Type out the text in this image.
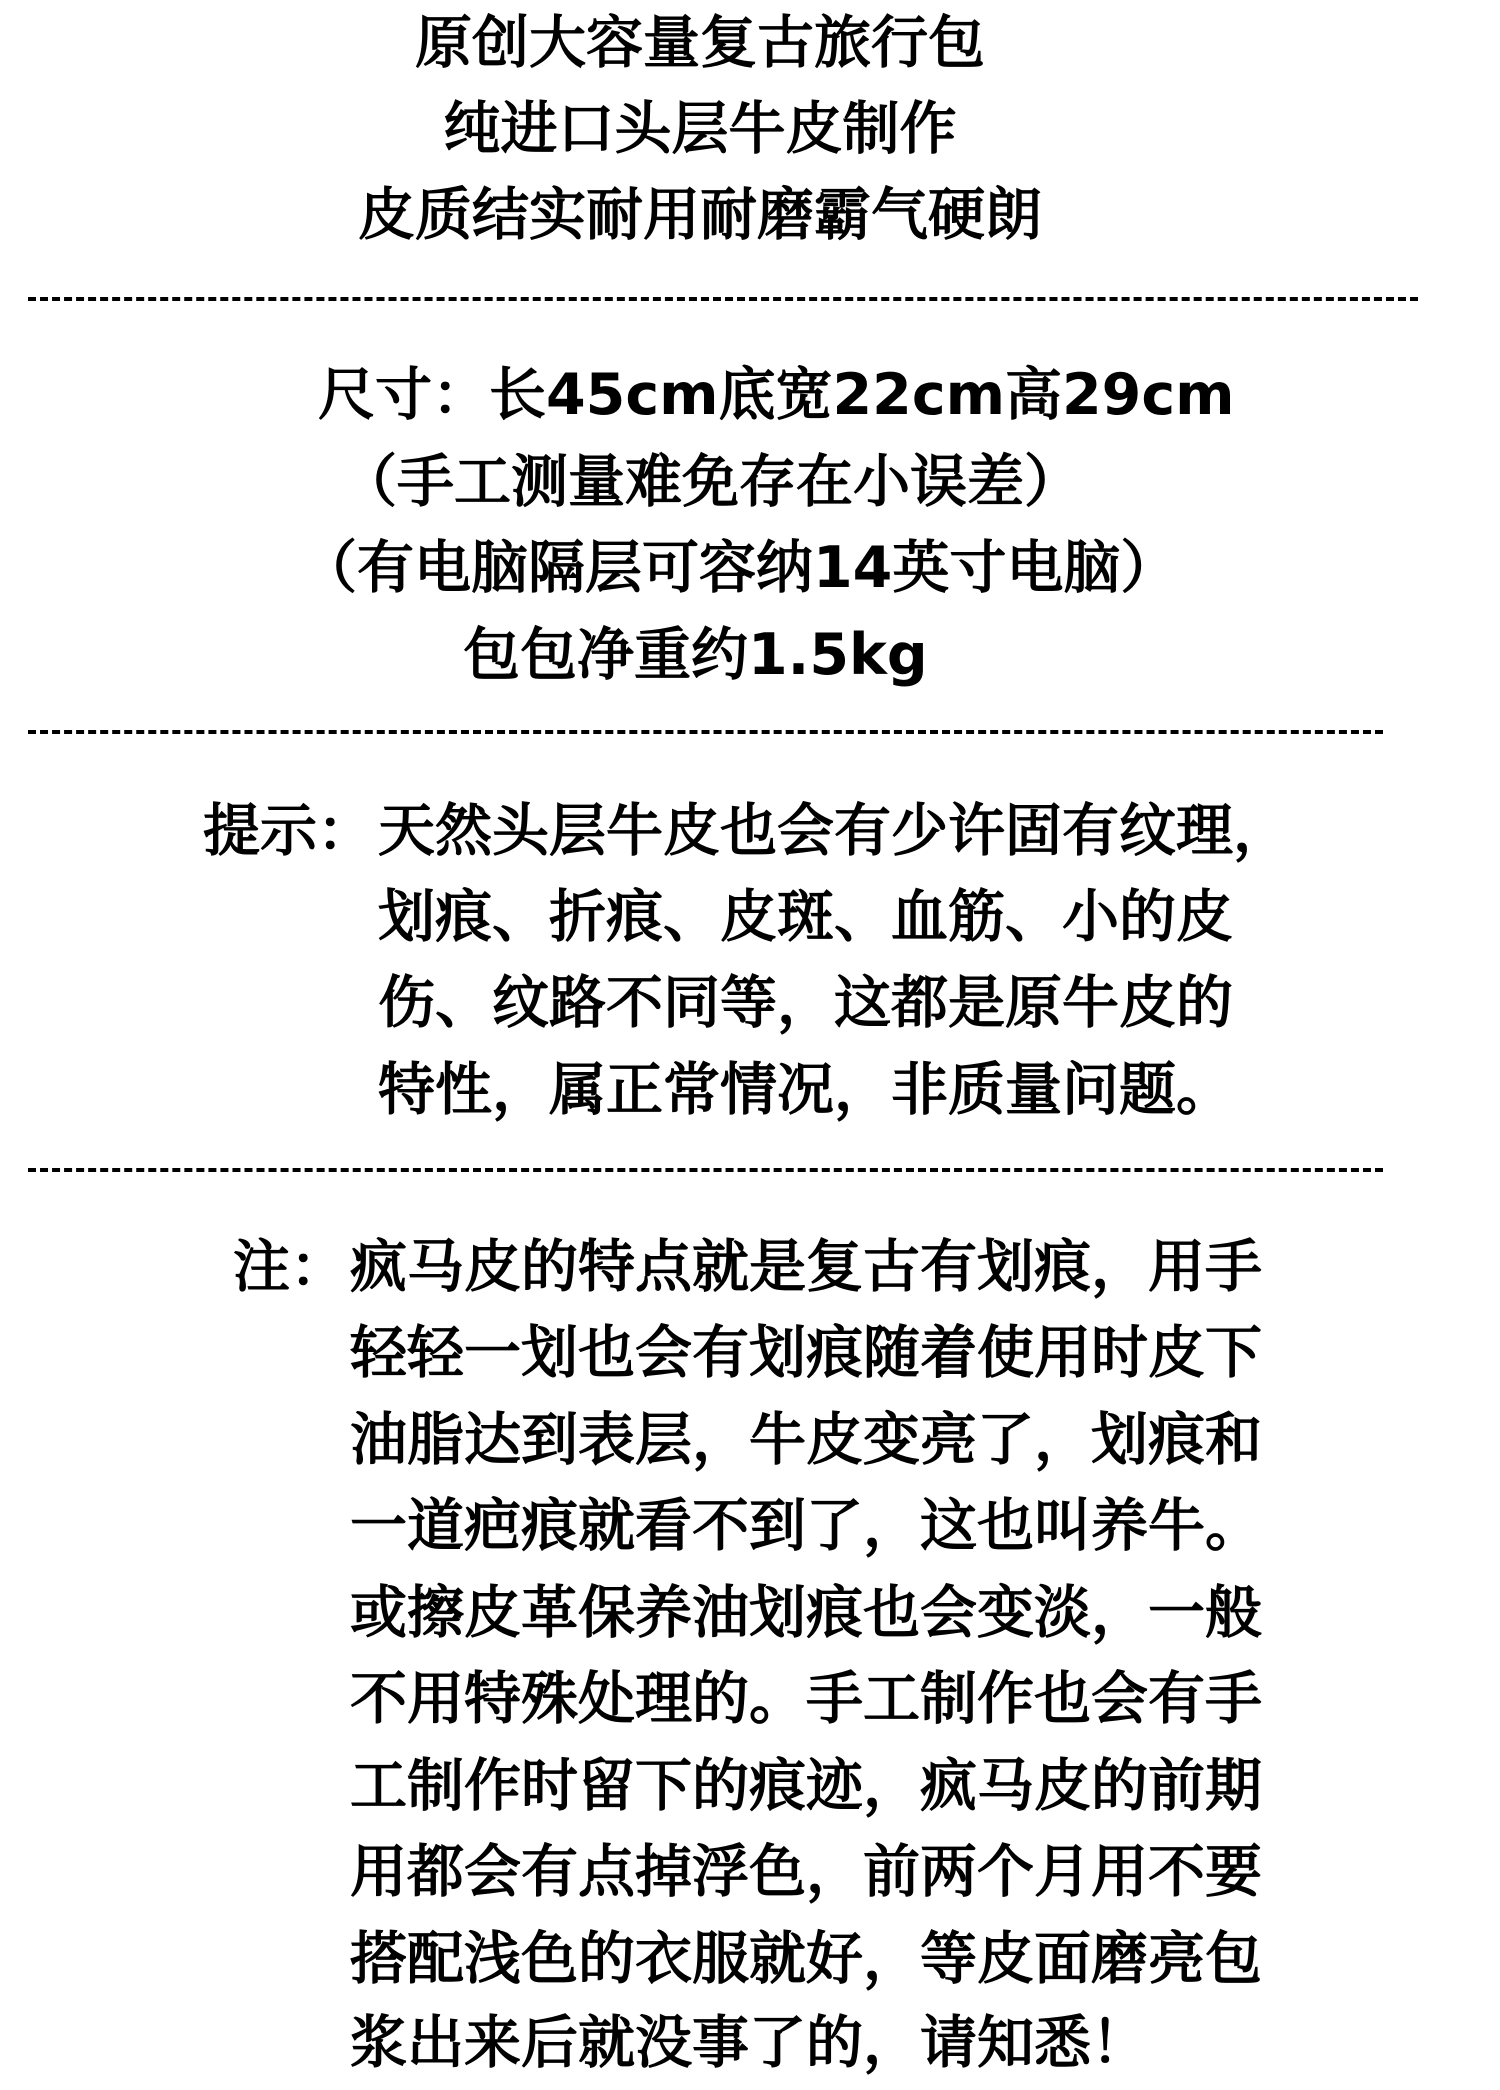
原创大容量复古旅行包
纯进口头层牛皮制作
皮质结实耐用耐磨霸气硬朗
尺寸：长45cm底宽22cm高29cm
（手工测量难免存在小误差）
（有电脑隔层可容纳14英寸电脑）
包包净重约1.5kg
提示： 天然头层牛皮也会有少许固有纹理，
划痕、折痕、皮斑、血筋、小的皮
伤、纹路不同等，这都是原牛皮的
特性，属正常情况，非质量问题。
注： 疯马皮的特点就是复古有划痕，用手
轻轻一划也会有划痕随着使用时皮下
油脂达到表层，牛皮变亮了，划痕和
一道疤痕就看不到了，这也叫养牛。
或擦皮革保养油划痕也会变淡，一般
不用特殊处理的。手工制作也会有手
工制作时留下的痕迹，疯马皮的前期
用都会有点掉浮色，前两个月用不要
搭配浅色的衣服就好，等皮面磨亮包
浆出来后就没事了的，请知悉！
